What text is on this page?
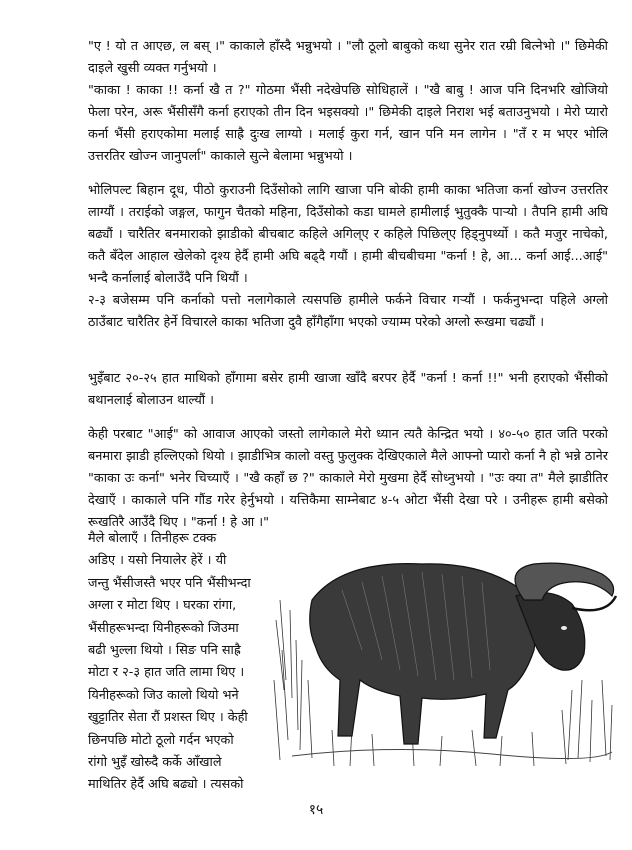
"ए ! यो त आएछ, ल बस् ।" काकाले हाँस्दै भन्नुभयो । "लौ ठूलो बाबुको कथा सुनेर रात रम्री बित्नेभो ।" छिमेकी दाइले खुसी व्यक्त गर्नुभयो ।

"काका ! काका !! कर्ना खै त ?" गोठमा भैंसी नदेखेपछि सोधिहालें । "खै बाबु ! आज पनि दिनभरि खोजियो फेला परेन, अरू भैंसीसँगै कर्ना हराएको तीन दिन भइसक्यो ।" छिमेकी दाइले निराश भई बताउनुभयो । मेरो प्यारो कर्ना भैंसी हराएकोमा मलाई साह्रै दुःख लाग्यो । मलाई कुरा गर्न, खान पनि मन लागेन । "तँ र म भएर भोलि उत्तरतिर खोज्न जानुपर्ला" काकाले सुत्ने बेलामा भन्नुभयो ।

भोलिपल्ट बिहान दूध, पीठो कुराउनी दिउँसोको लागि खाजा पनि बोकी हामी काका भतिजा कर्ना खोज्न उत्तरतिर लाग्यौं । तराईको जङ्गल, फागुन चैतको महिना, दिउँसोको कडा घामले हामीलाई भुतुक्कै पाऱ्यो । तैपनि हामी अघि बढ्यौं । चारैतिर बनमाराको झाडीको बीचबाट कहिले अगिल्ए र कहिले पिछिल्ए हिड्नुपर्थ्यो । कतै मजुर नाचेको, कतै बँदेल आहाल खेलेको दृश्य हेर्दै हामी अघि बढ्दै गयौं । हामी बीचबीचमा "कर्ना ! हे, आ... कर्ना आई...आई" भन्दै कर्नालाई बोलाउँदै पनि थियौं ।

२-३ बजेसम्म पनि कर्नाको पत्तो नलागेकाले त्यसपछि हामीले फर्कने विचार गऱ्यौं । फर्कनुभन्दा पहिले अग्लो ठाउँबाट चारैतिर हेर्ने विचारले काका भतिजा दुवै हाँगैहाँगा भएको ज्याम्म परेको अग्लो रूखमा चढ्यौं ।

भुइँबाट २०-२५ हात माथिको हाँगामा बसेर हामी खाजा खाँदै बरपर हेर्दै "कर्ना ! कर्ना !!" भनी हराएको भैंसीको बथानलाई बोलाउन थाल्यौं ।

केही परबाट "आई" को आवाज आएको जस्तो लागेकाले मेरो ध्यान त्यतै केन्द्रित भयो । ४०-५० हात जति परको बनमारा झाडी हल्लिएको थियो । झाडीभित्र कालो वस्तु फुलुक्क देखिएकाले मैले आफ्नो प्यारो कर्ना नै हो भन्ने ठानेर "काका उः कर्ना" भनेर चिच्याएँ । "खै कहाँ छ ?" काकाले मेरो मुखमा हेर्दै सोध्नुभयो । "उः क्या त" मैले झाडीतिर देखाएँ । काकाले पनि गौंड गरेर हेर्नुभयो । यत्तिकैमा साम्नेबाट ४-५ ओटा भैंसी देखा परे । उनीहरू हामी बसेको रूखतिरै आउँदै थिए । "कर्ना ! हे आ ।"

मैले बोलाएँ । तिनीहरू टक्क
अडिए । यसो नियालेर हेरें । यी
जन्तु भैंसीजस्तै भएर पनि भैंसीभन्दा
अग्ला र मोटा थिए । घरका रांगा,
भैंसीहरूभन्दा यिनीहरूको जिउमा
बढी भुल्ला थियो । सिङ पनि साह्रै
मोटा र २-३ हात जति लामा थिए ।
यिनीहरूको जिउ कालो थियो भने
खुट्टातिर सेता रौं प्रशस्त थिए । केही
छिनपछि मोटो ठूलो गर्दन भएको
रांगो भुइँ खोस्र्दै कर्के आँखाले
माथितिर हेर्दै अघि बढ्यो । त्यसको
१५
